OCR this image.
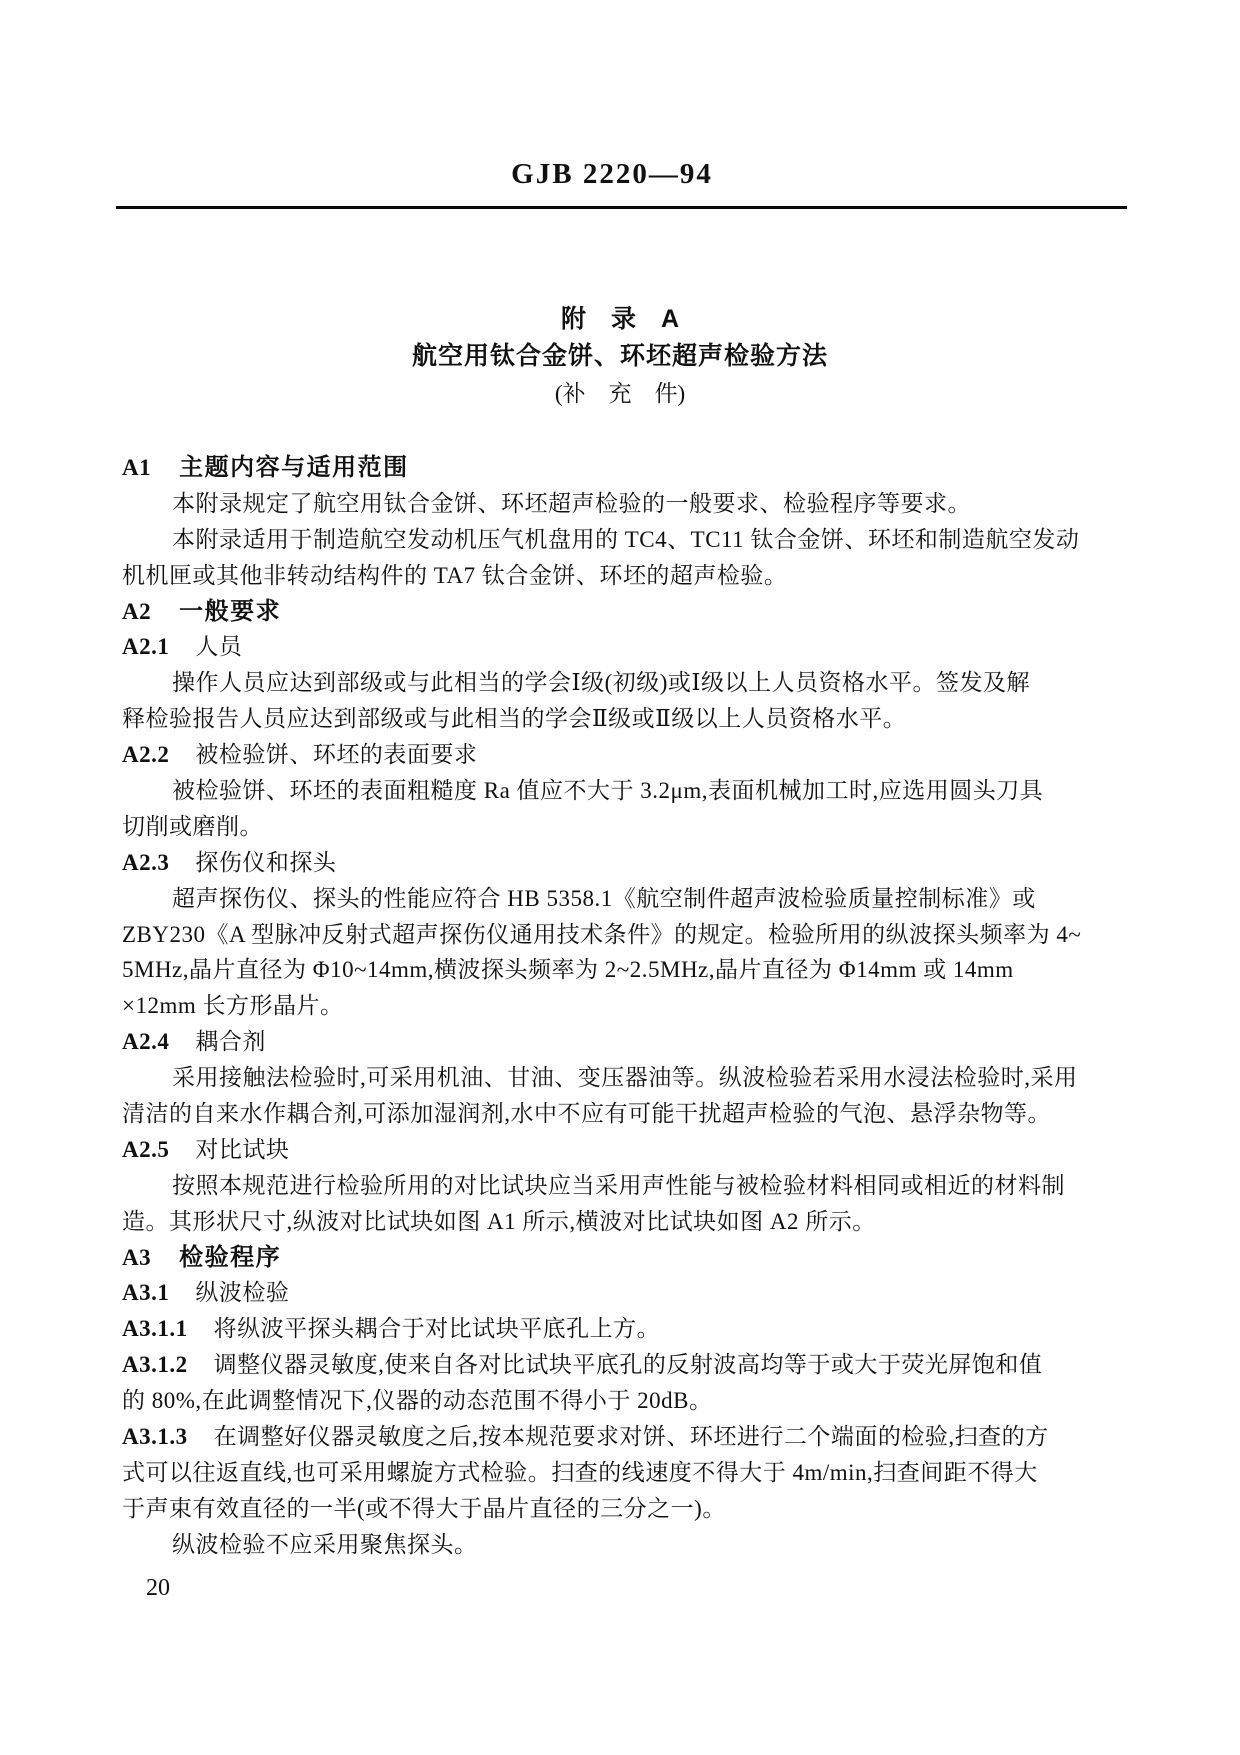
GJB 2220—94
附　录　A
航空用钛合金饼、环坯超声检验方法
(补　充　件)
A1 主题内容与适用范围
本附录规定了航空用钛合金饼、环坯超声检验的一般要求、检验程序等要求。
本附录适用于制造航空发动机压气机盘用的 TC4、TC11 钛合金饼、环坯和制造航空发动
机机匣或其他非转动结构件的 TA7 钛合金饼、环坯的超声检验。
A2 一般要求
A2.1 人员
操作人员应达到部级或与此相当的学会Ⅰ级(初级)或Ⅰ级以上人员资格水平。签发及解
释检验报告人员应达到部级或与此相当的学会Ⅱ级或Ⅱ级以上人员资格水平。
A2.2 被检验饼、环坯的表面要求
被检验饼、环坯的表面粗糙度 Ra 值应不大于 3.2μm,表面机械加工时,应选用圆头刀具
切削或磨削。
A2.3 探伤仪和探头
超声探伤仪、探头的性能应符合 HB 5358.1《航空制件超声波检验质量控制标准》或
ZBY230《A 型脉冲反射式超声探伤仪通用技术条件》的规定。检验所用的纵波探头频率为 4~
5MHz,晶片直径为 Φ10~14mm,横波探头频率为 2~2.5MHz,晶片直径为 Φ14mm 或 14mm
×12mm 长方形晶片。
A2.4 耦合剂
采用接触法检验时,可采用机油、甘油、变压器油等。纵波检验若采用水浸法检验时,采用
清洁的自来水作耦合剂,可添加湿润剂,水中不应有可能干扰超声检验的气泡、悬浮杂物等。
A2.5 对比试块
按照本规范进行检验所用的对比试块应当采用声性能与被检验材料相同或相近的材料制
造。其形状尺寸,纵波对比试块如图 A1 所示,横波对比试块如图 A2 所示。
A3 检验程序
A3.1 纵波检验
A3.1.1 将纵波平探头耦合于对比试块平底孔上方。
A3.1.2 调整仪器灵敏度,使来自各对比试块平底孔的反射波高均等于或大于荧光屏饱和值
的 80%,在此调整情况下,仪器的动态范围不得小于 20dB。
A3.1.3 在调整好仪器灵敏度之后,按本规范要求对饼、环坯进行二个端面的检验,扫查的方
式可以往返直线,也可采用螺旋方式检验。扫查的线速度不得大于 4m/min,扫查间距不得大
于声束有效直径的一半(或不得大于晶片直径的三分之一)。
纵波检验不应采用聚焦探头。
20
